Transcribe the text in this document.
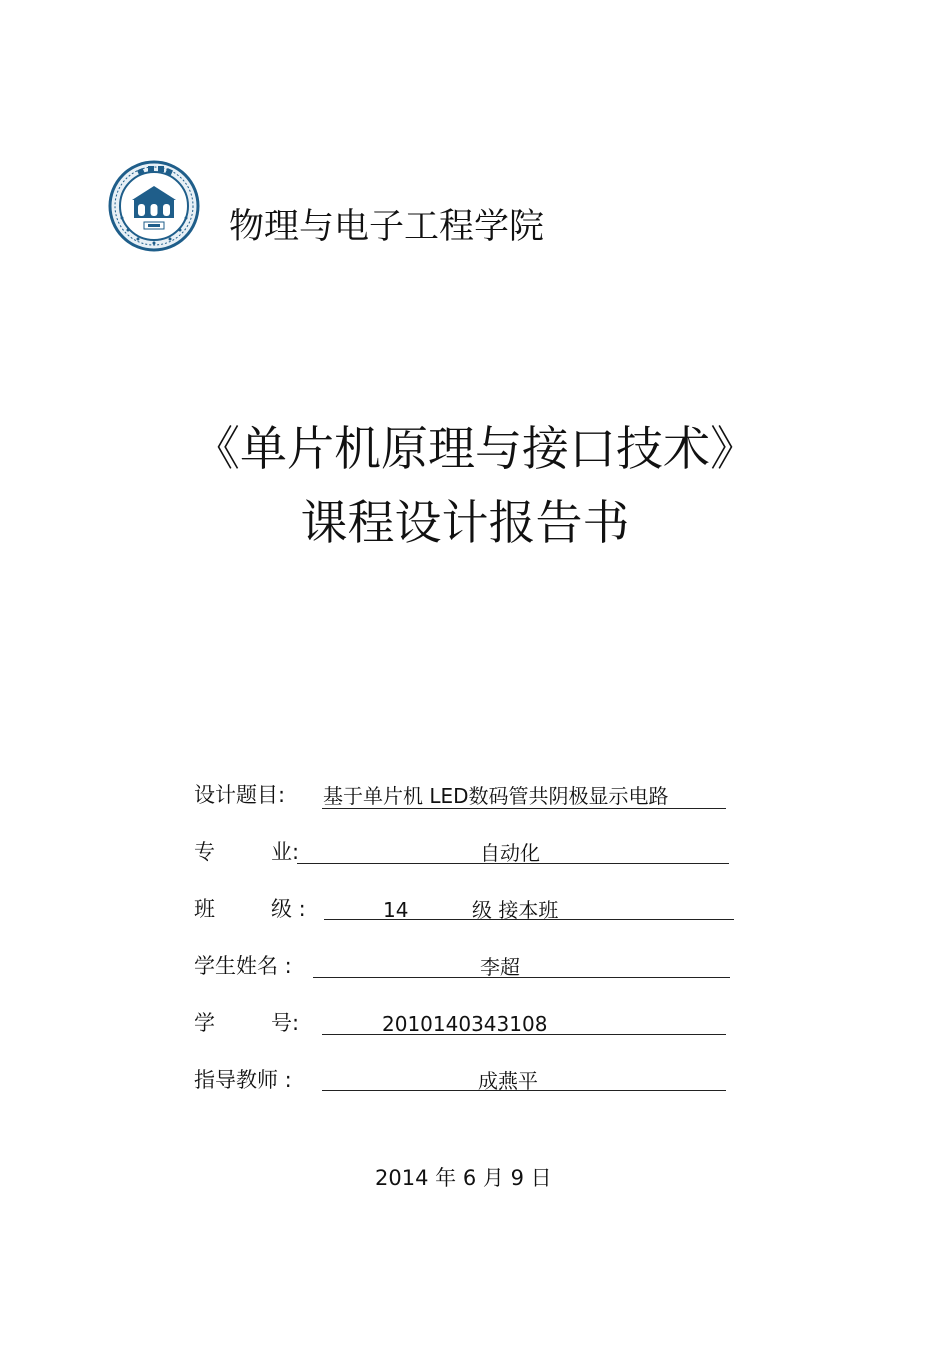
物理与电子工程学院
《单片机原理与接口技术》
课程设计报告书
设计题目: 基于单片机 LED数码管共阴极显示电路
专	业:	自动化
班	级 :	14	级 接本班
学生姓名 :	李超
学	号:	2010140343108
指导教师 :	成燕平
2014 年 6 月 9 日
